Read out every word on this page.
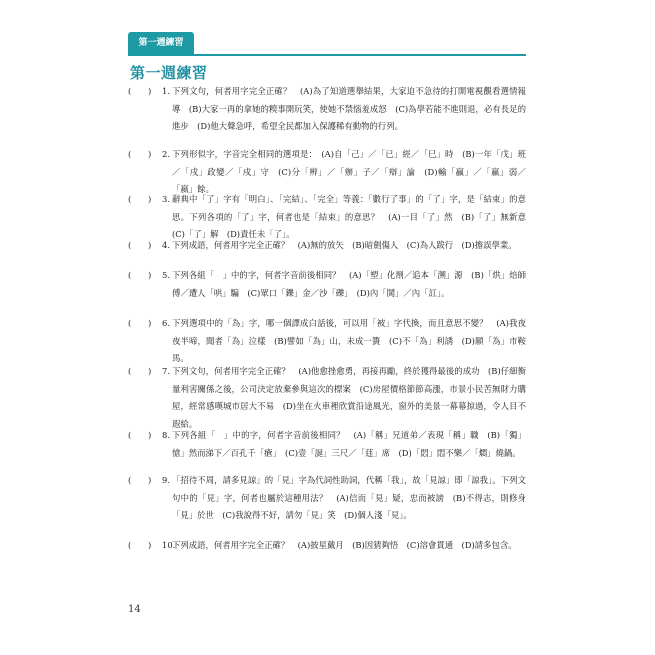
第一週練習
第一週練習
(　　)	1. 下列文句，何者用字完全正確？　(A)為了知道選舉結果，大家迫不急待的打開電視觀看選情報導　(B)大家一再的拿她的糗事開玩笑，使她不禁惱羞成怒　(C)為學若能不進則退，必有長足的進步　(D)他大聲急呼，希望全民都加入保護稀有動物的行列。
(　　)	2. 下列形似字，字音完全相同的選項是：　(A)自「己」／「已」經／「巳」時　(B)一年「戊」班／「戌」政變／「戍」守　(C)分「辨」／「辦」子／「辯」論　(D)輸「贏」／「羸」弱／「嬴」餘。
(　　)	3. 辭典中「了」字有「明白」、「完結」、「完全」等義：「數行了事」的「了」字，是「結束」的意思。下列各項的「了」字，何者也是「結束」的意思？　(A)一目「了」然　(B)「了」無新意　(C)「了」解　(D)責任未「了」。
(　　)	4. 下列成語，何者用字完全正確？　(A)無的放矢　(B)暗劍傷人　(C)為人跋行　(D)擔誤學業。
(　　)	5. 下列各組「　」中的字，何者字音前後相同？　(A)「塑」化劑／追本「溯」源　(B)「烘」焙師傅／遭人「哄」騙　(C)眾口「鑠」金／沙「礫」　(D)內「鬨」／內「訌」。
(　　)	6. 下列選項中的「為」字，哪一個譯成白話後，可以用「被」字代換，而且意思不變？　(A)我夜夜半啼，聞者「為」泣樣　(B)譬如「為」山，未成一簣　(C)不「為」利誘　(D)願「為」市鞍馬。
(　　)	7. 下列文句，何者用字完全正確？　(A)他愈挫愈勇，再接再勵，終於獲得最後的成功　(B)仔細衡量利害關係之後，公司決定放棄參與這次的標案　(C)房屋價格節節高漲，市景小民苦無財力購屋，經常感嘆城市居大不易　(D)坐在火車裡欣賞沿途風光，窗外的美景一幕幕掠過，令人目不遐給。
(　　)	8. 下列各組「　」中的字，何者字音前後相同？　(A)「稱」兄道弟／表現「稱」職　(B)「獨」愴」然而涕下／百孔千「瘡」　(C)壹「誕」三尺／「莛」席　(D)「悶」悶不樂／「燜」燒鍋。
(　　)	9. 「招待不周，請多見諒」的「見」字為代詞性助詞，代稱「我」，故「見諒」即「諒我」。下列文句中的「見」字，何者也屬於這種用法？　(A)信而「見」疑，忠而被謗　(B)不得志，則修身「見」於世　(C)我說得不好，請勿「見」笑　(D)個人淺「見」。
(　　)	10.
下列成語，何者用字完全正確？　(A)披星戴月　(B)因猜夠悟　(C)溶會貫通　(D)請多包含。
14
